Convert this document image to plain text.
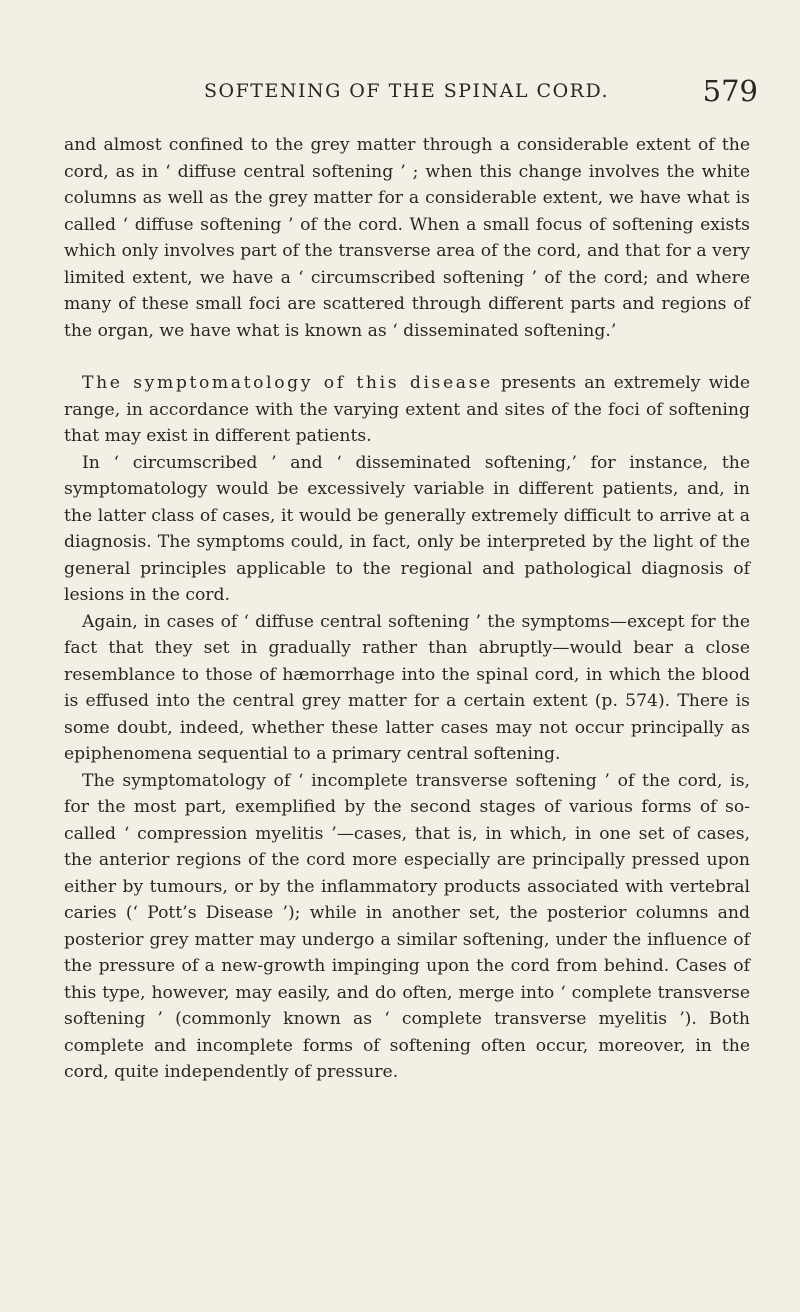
SOFTENING OF THE SPINAL CORD.	579

and almost confined to the grey matter through a considerable extent of the cord, as in ‘ diffuse central softening ’ ; when this change involves the white columns as well as the grey matter for a considerable extent, we have what is called ‘ diffuse softening ’ of the cord. When a small focus of softening exists which only involves part of the transverse area of the cord, and that for a very limited extent, we have a ‘ circumscribed softening ’ of the cord; and where many of these small foci are scattered through different parts and regions of the organ, we have what is known as ‘ disseminated softening.’

The symptomatology of this disease presents an extremely wide range, in accordance with the varying extent and sites of the foci of softening that may exist in different patients.

In ‘ circumscribed ’ and ‘ disseminated softening,’ for instance, the symptomatology would be excessively variable in different patients, and, in the latter class of cases, it would be generally extremely difficult to arrive at a diagnosis. The symptoms could, in fact, only be interpreted by the light of the general principles applicable to the regional and pathological diagnosis of lesions in the cord.

Again, in cases of ‘ diffuse central softening ’ the symptoms—except for the fact that they set in gradually rather than abruptly—would bear a close resemblance to those of hæmorrhage into the spinal cord, in which the blood is effused into the central grey matter for a certain extent (p. 574). There is some doubt, indeed, whether these latter cases may not occur principally as epiphenomena sequential to a primary central softening.

The symptomatology of ‘ incomplete transverse softening ’ of the cord, is, for the most part, exemplified by the second stages of various forms of so-called ‘ compression myelitis ’—cases, that is, in which, in one set of cases, the anterior regions of the cord more especially are principally pressed upon either by tumours, or by the inflammatory products associated with vertebral caries (‘ Pott’s Disease ’); while in another set, the posterior columns and posterior grey matter may undergo a similar softening, under the influence of the pressure of a new-growth impinging upon the cord from behind. Cases of this type, however, may easily, and do often, merge into ‘ complete transverse softening ’ (commonly known as ‘ complete transverse myelitis ’). Both complete and incomplete forms of softening often occur, moreover, in the cord, quite independently of pressure.
